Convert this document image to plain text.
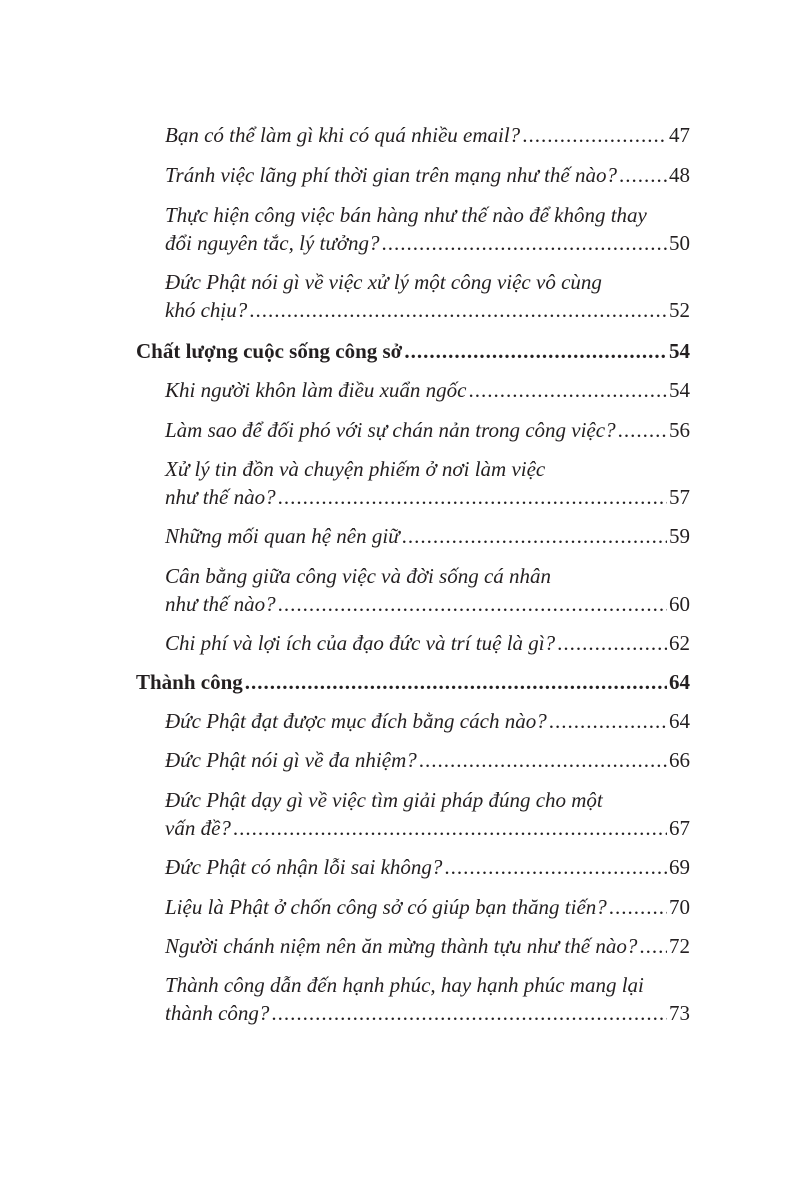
Bạn có thể làm gì khi có quá nhiều email? .....	47
Tránh việc lãng phí thời gian trên mạng như thế nào? ..... 48
Thực hiện công việc bán hàng như thế nào để không thay
đổi nguyên tắc, lý tưởng? .....	50
Đức Phật nói gì về việc xử lý một công việc vô cùng
khó chịu? .....	52
Chất lượng cuộc sống công sở .....	54
Khi người khôn làm điều xuẩn ngốc .....	54
Làm sao để đối phó với sự chán nản trong công việc? .....	56
Xử lý tin đồn và chuyện phiếm ở nơi làm việc
như thế nào? .....	57
Những mối quan hệ nên giữ .....	59
Cân bằng giữa công việc và đời sống cá nhân
như thế nào? .....	60
Chi phí và lợi ích của đạo đức và trí tuệ là gì? .....	62
Thành công .....	64
Đức Phật đạt được mục đích bằng cách nào? .....	64
Đức Phật nói gì về đa nhiệm? .....	66
Đức Phật dạy gì về việc tìm giải pháp đúng cho một
vấn đề? .....	67
Đức Phật có nhận lỗi sai không? .....	69
Liệu là Phật ở chốn công sở có giúp bạn thăng tiến? .....	70
Người chánh niệm nên ăn mừng thành tựu như thế nào? ..... 72
Thành công dẫn đến hạnh phúc, hay hạnh phúc mang lại
thành công? .....	73
